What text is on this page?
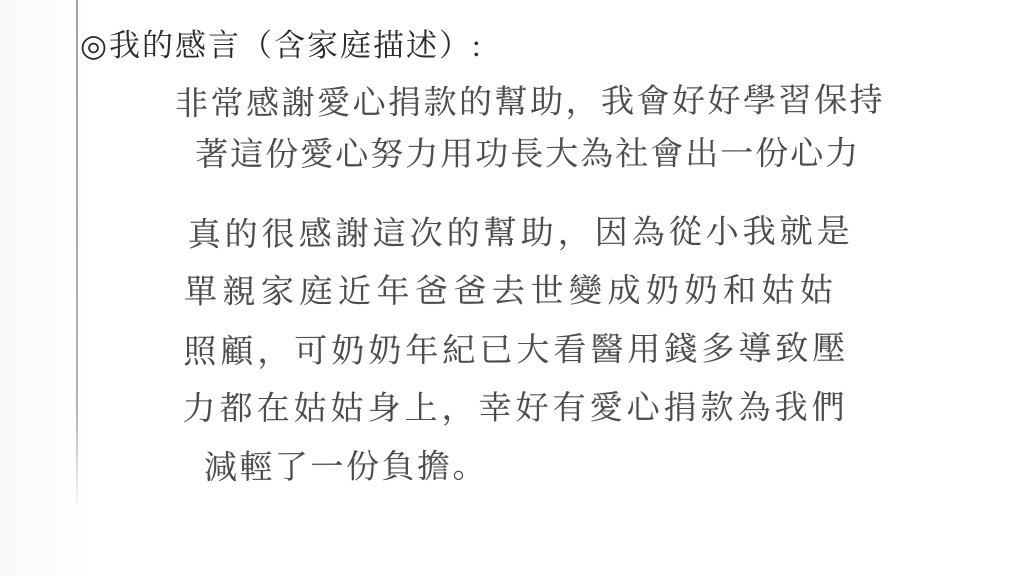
◎我的感言（含家庭描述）:
非常感謝愛心捐款的幫助，我會好好學習保持
著這份愛心努力用功長大為社會出一份心力
真的很感謝這次的幫助，因為從小我就是
單親家庭近年爸爸去世變成奶奶和姑姑
照顧，可奶奶年紀已大看醫用錢多導致壓
力都在姑姑身上，幸好有愛心捐款為我們
減輕了一份負擔。
